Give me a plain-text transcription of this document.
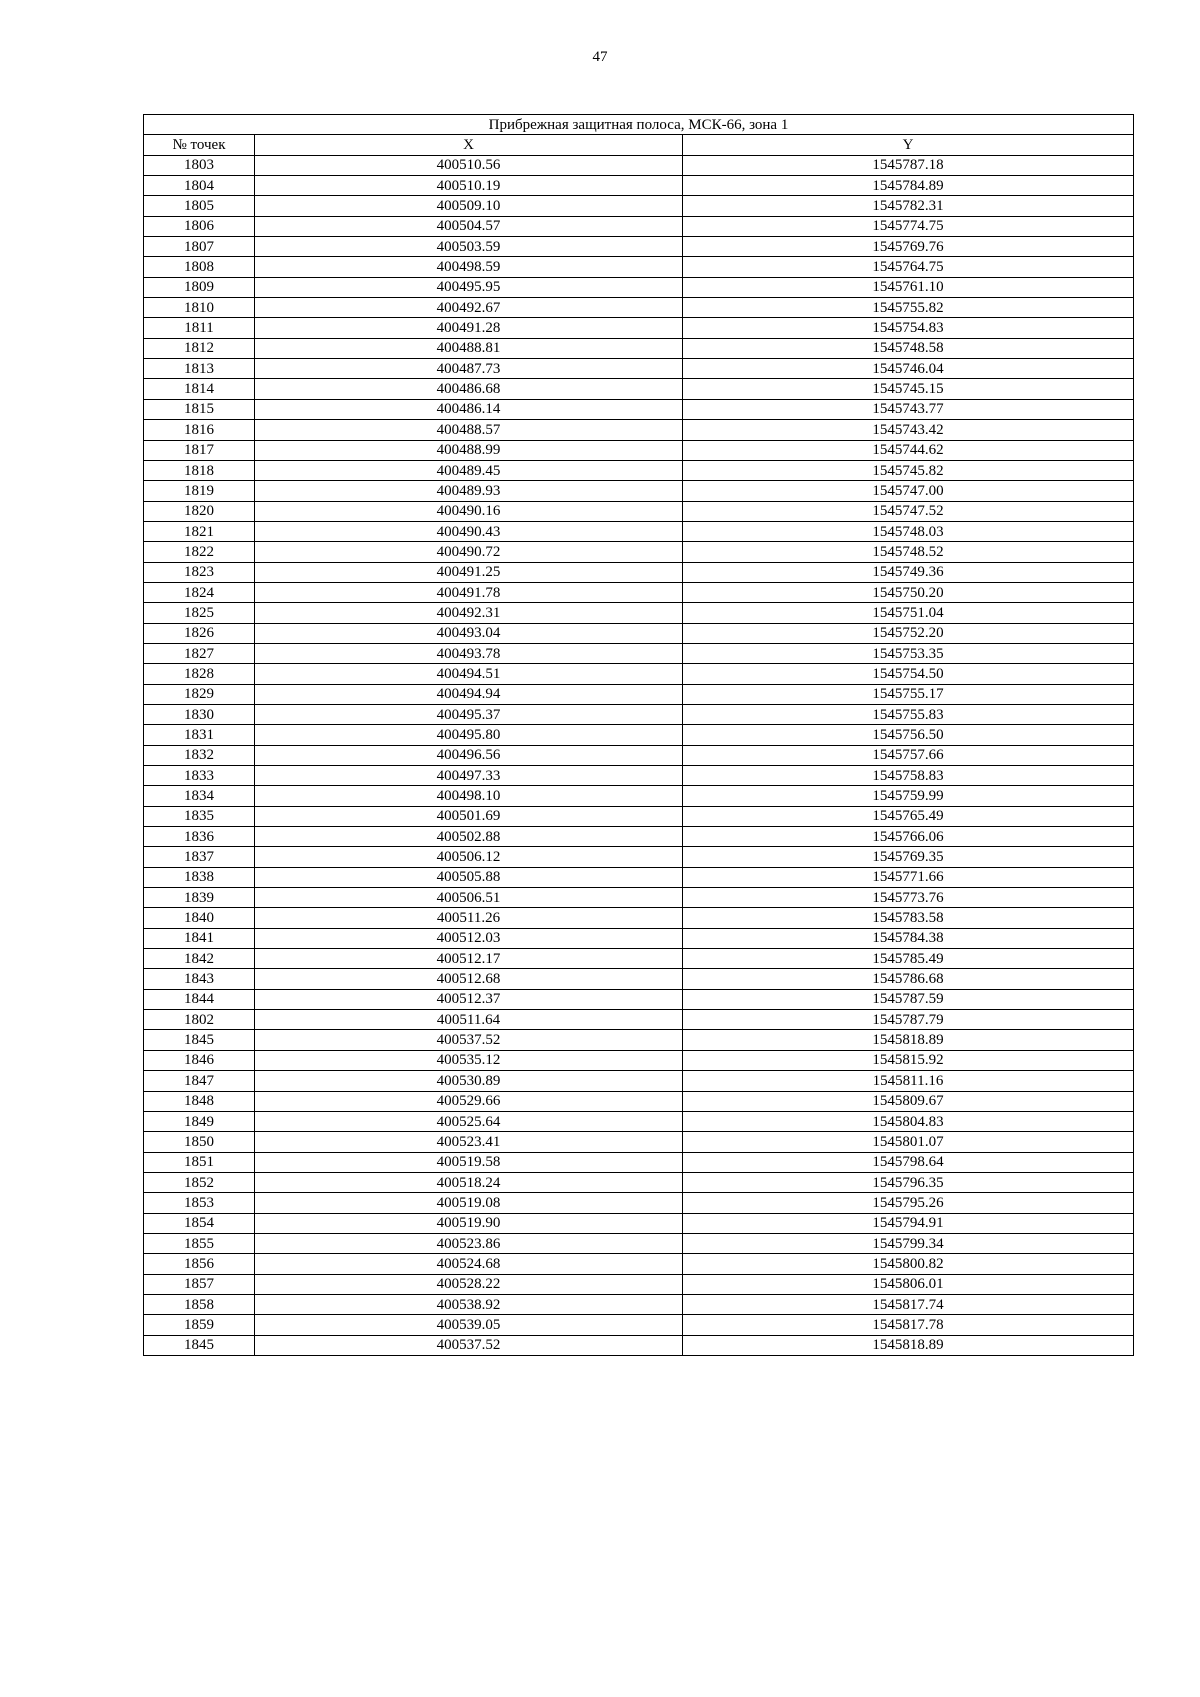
47
Прибрежная защитная полоса, МСК-66, зона 1		
№ точек	X	Y
1803	400510.56	1545787.18
1804	400510.19	1545784.89
1805	400509.10	1545782.31
1806	400504.57	1545774.75
1807	400503.59	1545769.76
1808	400498.59	1545764.75
1809	400495.95	1545761.10
1810	400492.67	1545755.82
1811	400491.28	1545754.83
1812	400488.81	1545748.58
1813	400487.73	1545746.04
1814	400486.68	1545745.15
1815	400486.14	1545743.77
1816	400488.57	1545743.42
1817	400488.99	1545744.62
1818	400489.45	1545745.82
1819	400489.93	1545747.00
1820	400490.16	1545747.52
1821	400490.43	1545748.03
1822	400490.72	1545748.52
1823	400491.25	1545749.36
1824	400491.78	1545750.20
1825	400492.31	1545751.04
1826	400493.04	1545752.20
1827	400493.78	1545753.35
1828	400494.51	1545754.50
1829	400494.94	1545755.17
1830	400495.37	1545755.83
1831	400495.80	1545756.50
1832	400496.56	1545757.66
1833	400497.33	1545758.83
1834	400498.10	1545759.99
1835	400501.69	1545765.49
1836	400502.88	1545766.06
1837	400506.12	1545769.35
1838	400505.88	1545771.66
1839	400506.51	1545773.76
1840	400511.26	1545783.58
1841	400512.03	1545784.38
1842	400512.17	1545785.49
1843	400512.68	1545786.68
1844	400512.37	1545787.59
1802	400511.64	1545787.79
1845	400537.52	1545818.89
1846	400535.12	1545815.92
1847	400530.89	1545811.16
1848	400529.66	1545809.67
1849	400525.64	1545804.83
1850	400523.41	1545801.07
1851	400519.58	1545798.64
1852	400518.24	1545796.35
1853	400519.08	1545795.26
1854	400519.90	1545794.91
1855	400523.86	1545799.34
1856	400524.68	1545800.82
1857	400528.22	1545806.01
1858	400538.92	1545817.74
1859	400539.05	1545817.78
1845	400537.52	1545818.89
